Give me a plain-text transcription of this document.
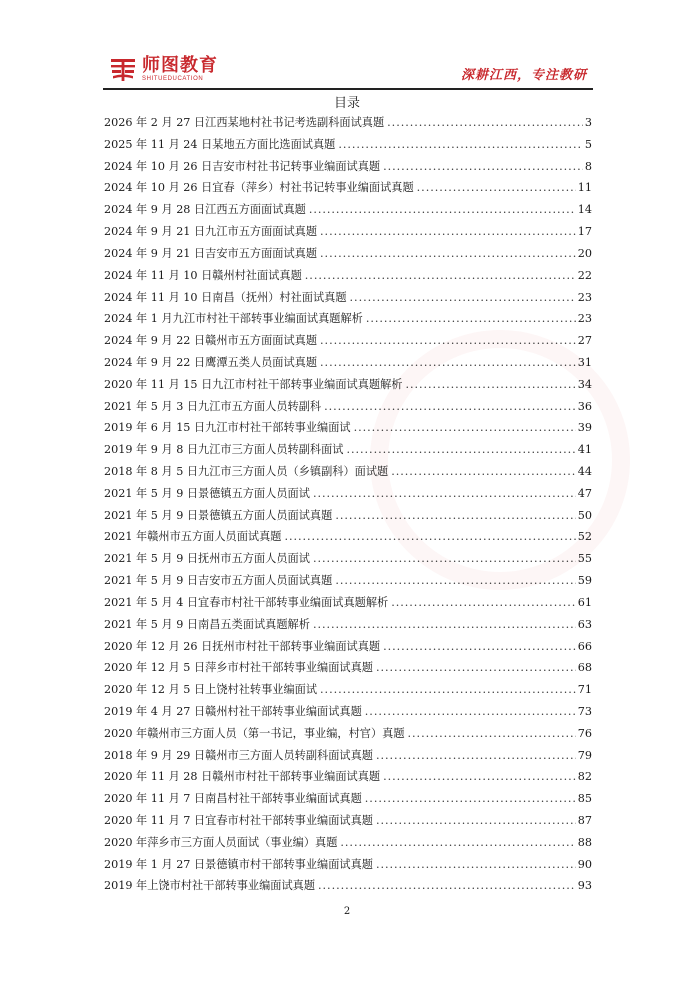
师图教育
SHITUEDUCATION	深耕江西，专注教研
目录
2026 年 2 月 27 日江西某地村社书记考选副科面试真题 . . .	3
2025 年 11 月 24 日某地五方面比选面试真题 . . .	5
2024 年 10 月 26 日吉安市村社书记转事业编面试真题 . . .	8
2024 年 10 月 26 日宜春（萍乡）村社书记转事业编面试真题 . . .	11
2024 年 9 月 28 日江西五方面面试真题 . . .	14
2024 年 9 月 21 日九江市五方面面试真题 . . .	17
2024 年 9 月 21 日吉安市五方面面试真题 . . .	20
2024 年 11 月 10 日赣州村社面试真题 . . .	22
2024 年 11 月 10 日南昌（抚州）村社面试真题 . . .	23
2024 年 1 月九江市村社干部转事业编面试真题解析 . . .	23
2024 年 9 月 22 日赣州市五方面面试真题 . . .	27
2024 年 9 月 22 日鹰潭五类人员面试真题 . . .	31
2020 年 11 月 15 日九江市村社干部转事业编面试真题解析 . . .	34
2021 年 5 月 3 日九江市五方面人员转副科 . . .	36
2019 年 6 月 15 日九江市村社干部转事业编面试 . . .	39
2019 年 9 月 8 日九江市三方面人员转副科面试 . . .	41
2018 年 8 月 5 日九江市三方面人员（乡镇副科）面试题 . . .	44
2021 年 5 月 9 日景德镇五方面人员面试 . . .	47
2021 年 5 月 9 日景德镇五方面人员面试真题 . . .	50
2021 年赣州市五方面人员面试真题 . . .	52
2021 年 5 月 9 日抚州市五方面人员面试 . . .	55
2021 年 5 月 9 日吉安市五方面人员面试真题 . . .	59
2021 年 5 月 4 日宜春市村社干部转事业编面试真题解析 . . .	61
2021 年 5 月 9 日南昌五类面试真题解析 . . .	63
2020 年 12 月 26 日抚州市村社干部转事业编面试真题 . . .	66
2020 年 12 月 5 日萍乡市村社干部转事业编面试真题 . . .	68
2020 年 12 月 5 日上饶村社转事业编面试 . . .	71
2019 年 4 月 27 日赣州村社干部转事业编面试真题 . . .	73
2020 年赣州市三方面人员（第一书记，事业编，村官）真题 . . .	76
2018 年 9 月 29 日赣州市三方面人员转副科面试真题 . . .	79
2020 年 11 月 28 日赣州市村社干部转事业编面试真题 . . .	82
2020 年 11 月 7 日南昌村社干部转事业编面试真题 . . .	85
2020 年 11 月 7 日宜春市村社干部转事业编面试真题 . . .	87
2020 年萍乡市三方面人员面试（事业编）真题 . . .	88
2019 年 1 月 27 日景德镇市村干部转事业编面试真题 . . .	90
2019 年上饶市村社干部转事业编面试真题 . . .	93
2
